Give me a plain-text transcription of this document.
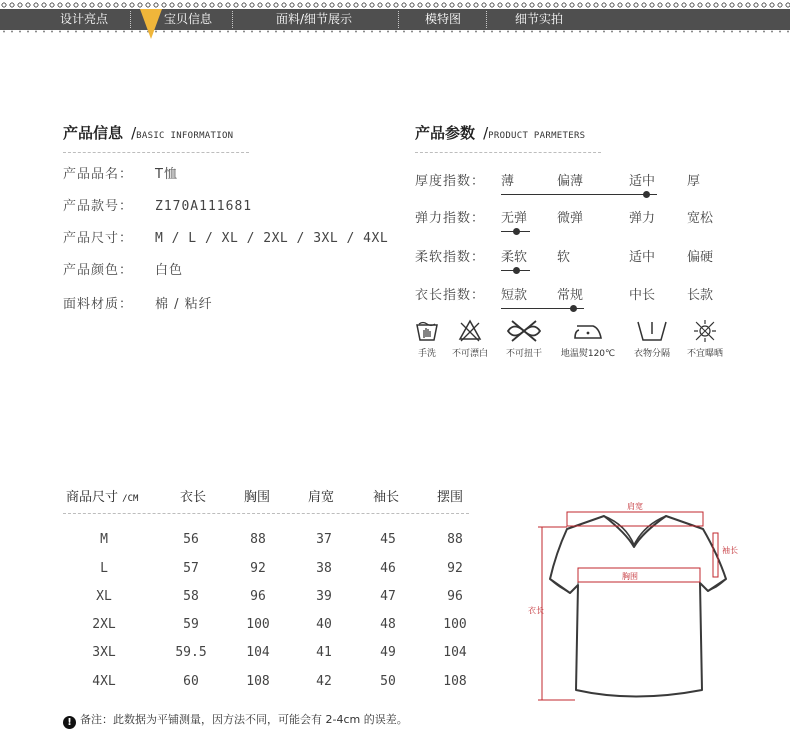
设计亮点	宝贝信息	面料/细节展示	模特图	细节实拍
产品信息 /BASIC INFORMATION
产品品名： T恤
产品款号： Z170A111681
产品尺寸： M / L / XL / 2XL / 3XL / 4XL
产品颜色： 白色
面料材质： 棉 / 粘纤
产品参数 /PRODUCT PARMETERS
厚度指数： 薄	偏薄	适中 厚
弹力指数： 无弹 微弹	弹力 宽松
柔软指数： 柔软 软	适中 偏硬
衣长指数： 短款 常规	中长 长款
手洗	不可漂白	不可扭干	地温熨120℃	衣物分隔	不宜曝晒
商品尺寸 /CM	衣长	胸围	肩宽	袖长	摆围
M	56	88	37	45	88
L	57	92	38	46	92
XL	58	96	39	47	96
2XL	59	100	40	48	100
3XL	59.5	104	41	49	104
4XL	60	108	42	50	108
肩宽
胸围
袖长
衣长
! 备注：此数据为平铺测量，因方法不同，可能会有 2-4cm 的误差。
